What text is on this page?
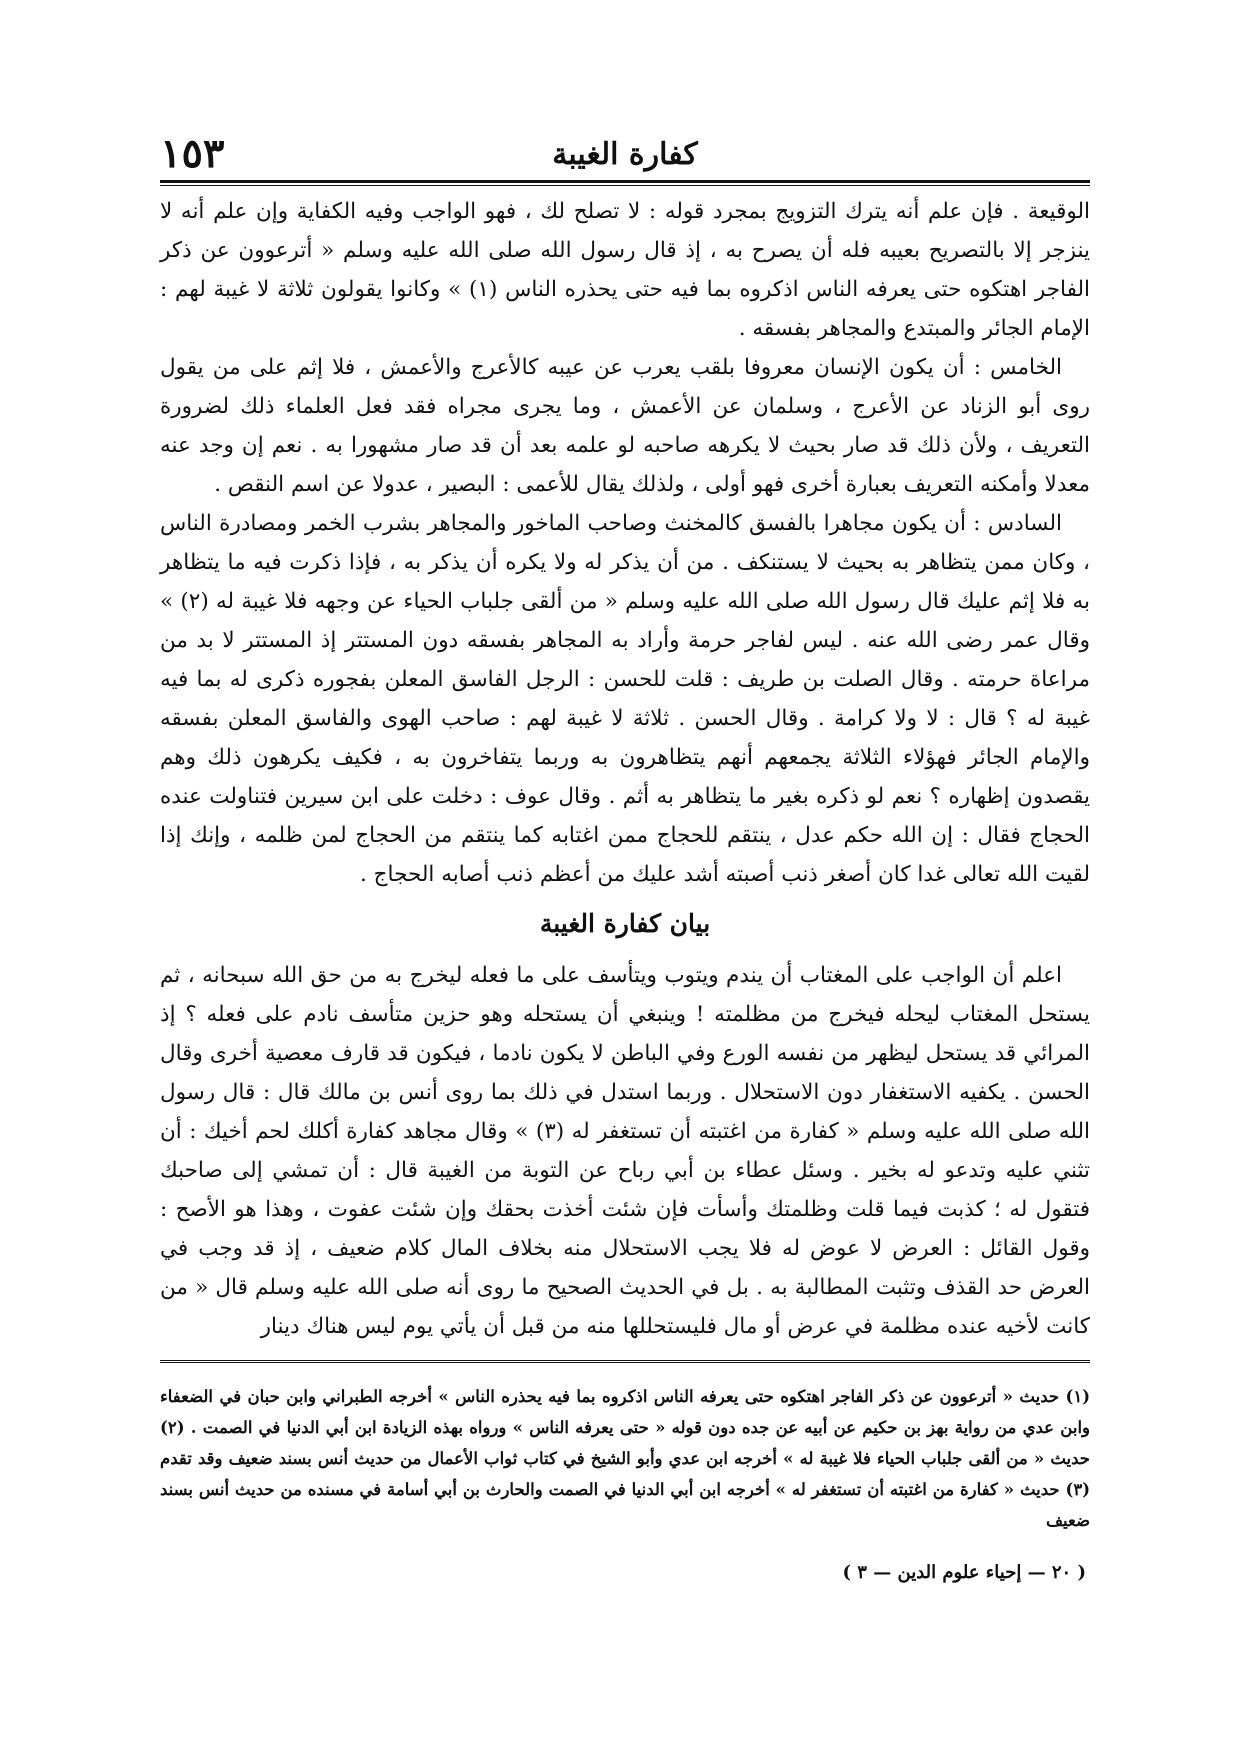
١٥٣	كفارة الغيبة

الوقيعة . فإن علم أنه يترك التزويج بمجرد قوله : لا تصلح لك ، فهو الواجب وفيه الكفاية وإن علم أنه لا ينزجر إلا بالتصريح بعيبه فله أن يصرح به ، إذ قال رسول الله صلى الله عليه وسلم « أترعوون عن ذكر الفاجر اهتكوه حتى يعرفه الناس اذكروه بما فيه حتى يحذره الناس (١) » وكانوا يقولون ثلاثة لا غيبة لهم : الإمام الجائر والمبتدع والمجاهر بفسقه .

الخامس : أن يكون الإنسان معروفا بلقب يعرب عن عيبه كالأعرج والأعمش ، فلا إثم على من يقول روى أبو الزناد عن الأعرج ، وسلمان عن الأعمش ، وما يجرى مجراه فقد فعل العلماء ذلك لضرورة التعريف ، ولأن ذلك قد صار بحيث لا يكرهه صاحبه لو علمه بعد أن قد صار مشهورا به . نعم إن وجد عنه معدلا وأمكنه التعريف بعبارة أخرى فهو أولى ، ولذلك يقال للأعمى : البصير ، عدولا عن اسم النقص .

السادس : أن يكون مجاهرا بالفسق كالمخنث وصاحب الماخور والمجاهر بشرب الخمر ومصادرة الناس ، وكان ممن يتظاهر به بحيث لا يستنكف . من أن يذكر له ولا يكره أن يذكر به ، فإذا ذكرت فيه ما يتظاهر به فلا إثم عليك قال رسول الله صلى الله عليه وسلم « من ألقى جلباب الحياء عن وجهه فلا غيبة له (٢) » وقال عمر رضى الله عنه . ليس لفاجر حرمة وأراد به المجاهر بفسقه دون المستتر إذ المستتر لا بد من مراعاة حرمته . وقال الصلت بن طريف : قلت للحسن : الرجل الفاسق المعلن بفجوره ذكرى له بما فيه غيبة له ؟ قال : لا ولا كرامة . وقال الحسن . ثلاثة لا غيبة لهم : صاحب الهوى والفاسق المعلن بفسقه والإمام الجائر فهؤلاء الثلاثة يجمعهم أنهم يتظاهرون به وربما يتفاخرون به ، فكيف يكرهون ذلك وهم يقصدون إظهاره ؟ نعم لو ذكره بغير ما يتظاهر به أثم . وقال عوف : دخلت على ابن سيرين فتناولت عنده الحجاج فقال : إن الله حكم عدل ، ينتقم للحجاج ممن اغتابه كما ينتقم من الحجاج لمن ظلمه ، وإنك إذا لقيت الله تعالى غدا كان أصغر ذنب أصبته أشد عليك من أعظم ذنب أصابه الحجاج .

بيان كفارة الغيبة

اعلم أن الواجب على المغتاب أن يندم ويتوب ويتأسف على ما فعله ليخرج به من حق الله سبحانه ، ثم يستحل المغتاب ليحله فيخرج من مظلمته ! وينبغي أن يستحله وهو حزين متأسف نادم على فعله ؟ إذ المرائي قد يستحل ليظهر من نفسه الورع وفي الباطن لا يكون نادما ، فيكون قد قارف معصية أخرى وقال الحسن . يكفيه الاستغفار دون الاستحلال . وربما استدل في ذلك بما روى أنس بن مالك قال : قال رسول الله صلى الله عليه وسلم « كفارة من اغتبته أن تستغفر له (٣) » وقال مجاهد كفارة أكلك لحم أخيك : أن تثني عليه وتدعو له بخير . وسئل عطاء بن أبي رباح عن التوبة من الغيبة قال : أن تمشي إلى صاحبك فتقول له ؛ كذبت فيما قلت وظلمتك وأسأت فإن شئت أخذت بحقك وإن شئت عفوت ، وهذا هو الأصح : وقول القائل : العرض لا عوض له فلا يجب الاستحلال منه بخلاف المال كلام ضعيف ، إذ قد وجب في العرض حد القذف وتثبت المطالبة به . بل في الحديث الصحيح ما روى أنه صلى الله عليه وسلم قال « من كانت لأخيه عنده مظلمة في عرض أو مال فليستحللها منه من قبل أن يأتي يوم ليس هناك دينار

(١) حديث « أترعوون عن ذكر الفاجر اهتكوه حتى يعرفه الناس اذكروه بما فيه يحذره الناس » أخرجه الطبراني وابن حبان في الضعفاء وابن عدي من رواية بهز بن حكيم عن أبيه عن جده دون قوله « حتى يعرفه الناس » ورواه بهذه الزيادة ابن أبي الدنيا في الصمت . (٢) حديث « من ألقى جلباب الحياء فلا غيبة له » أخرجه ابن عدي وأبو الشيخ في كتاب ثواب الأعمال من حديث أنس بسند ضعيف وقد تقدم (٣) حديث « كفارة من اغتبته أن تستغفر له » أخرجه ابن أبي الدنيا في الصمت والحارث بن أبي أسامة في مسنده من حديث أنس بسند ضعيف

( ٢٠ — إحياء علوم الدين — ٣ )
